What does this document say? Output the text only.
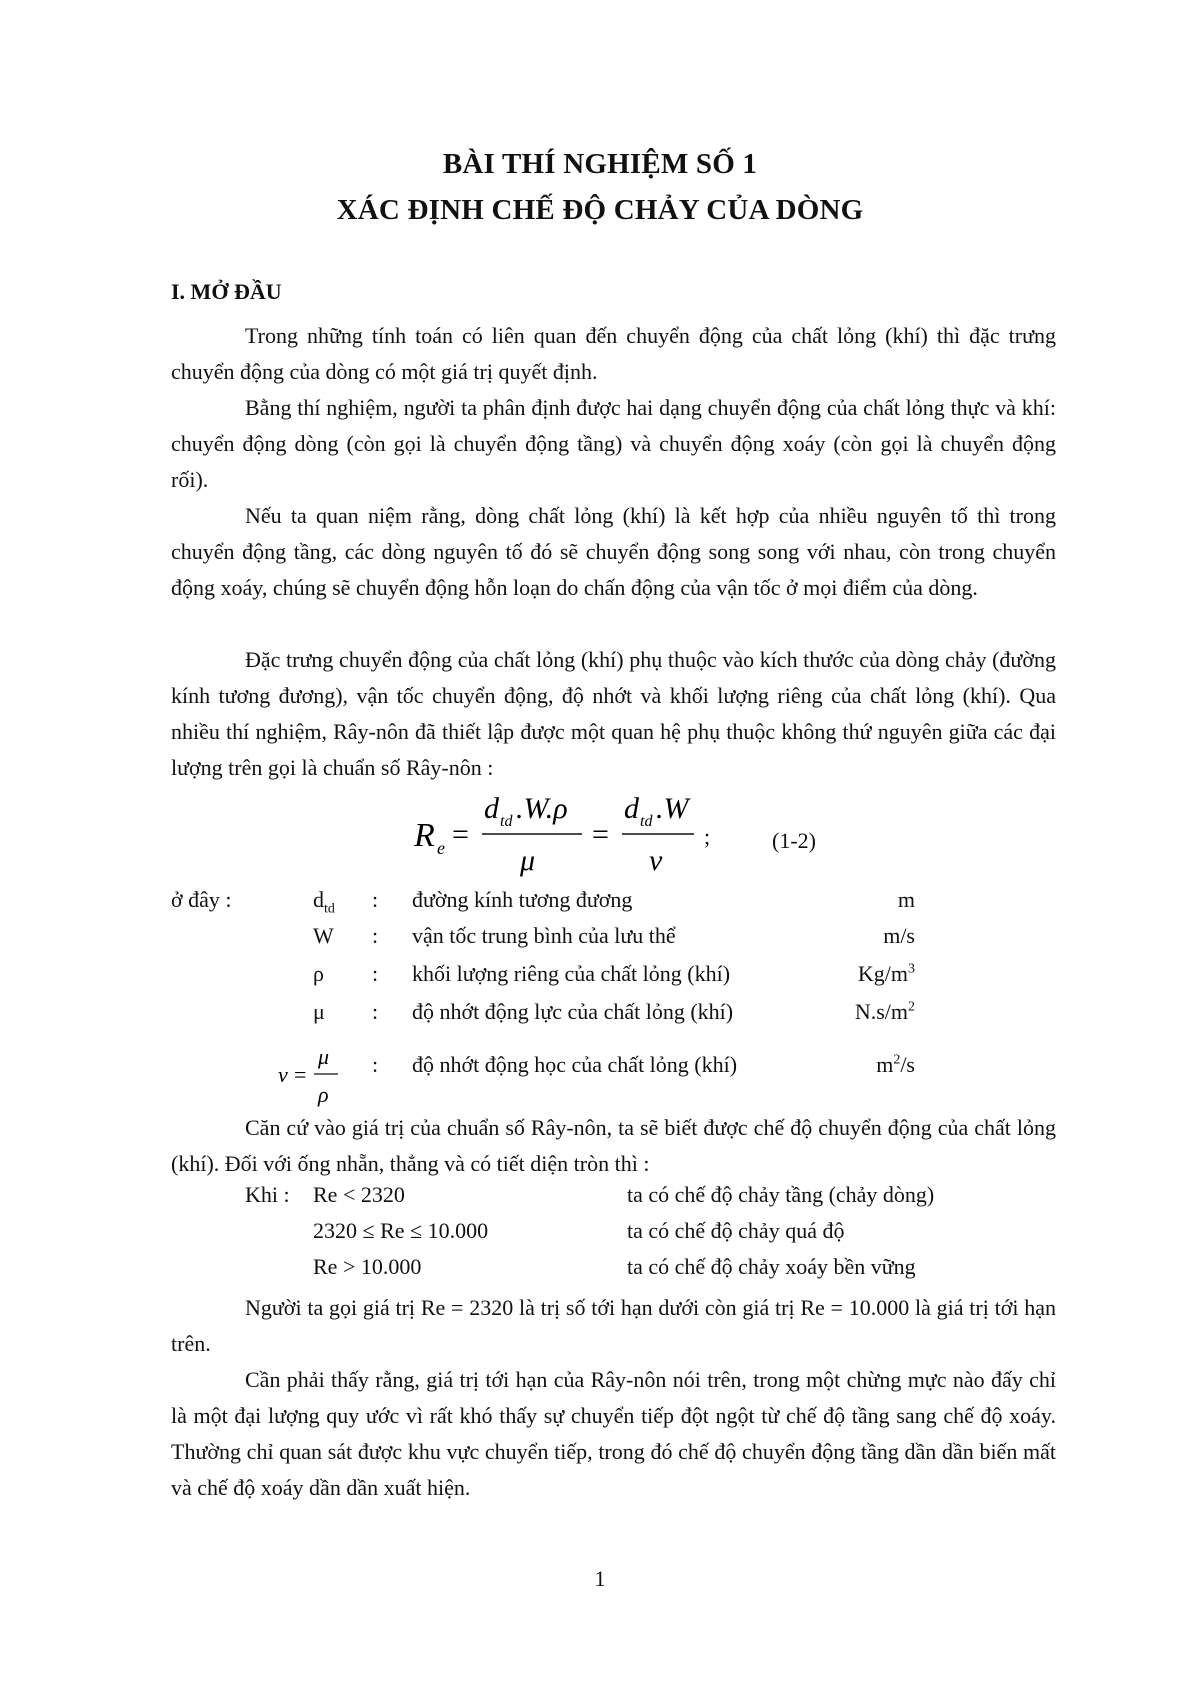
BÀI THÍ NGHIỆM SỐ 1
XÁC ĐỊNH CHẾ ĐỘ CHẢY CỦA DÒNG
I. MỞ ĐẦU
Trong những tính toán có liên quan đến chuyển động của chất lỏng (khí) thì đặc trưng chuyển động của dòng có một giá trị quyết định.
Bằng thí nghiệm, người ta phân định được hai dạng chuyển động của chất lỏng thực và khí: chuyển động dòng (còn gọi là chuyển động tầng) và chuyển động xoáy (còn gọi là chuyển động rối).
Nếu ta quan niệm rằng, dòng chất lỏng (khí) là kết hợp của nhiều nguyên tố thì trong chuyển động tầng, các dòng nguyên tố đó sẽ chuyển động song song với nhau, còn trong chuyển động xoáy, chúng sẽ chuyển động hỗn loạn do chấn động của vận tốc ở mọi điểm của dòng.
Đặc trưng chuyển động của chất lỏng (khí) phụ thuộc vào kích thước của dòng chảy (đường kính tương đương), vận tốc chuyển động, độ nhớt và khối lượng riêng của chất lỏng (khí). Qua nhiều thí nghiệm, Rây-nôn đã thiết lập được một quan hệ phụ thuộc không thứ nguyên giữa các đại lượng trên gọi là chuẩn số Rây-nôn :
R e =
d td .W.ρ
μ
=
d td .W
ν
;	(1-2)
ở đây :	$d_{td}$ : đường kính tương đương	m
W : vận tốc trung bình của lưu thể	m/s
ρ : khối lượng riêng của chất lỏng (khí)	$Kg/m^3$
μ : độ nhớt động lực của chất lỏng (khí)	$N.s/m^2$
ν =
μ
ρ
: độ nhớt động học của chất lỏng (khí)	$m^2/s$
Căn cứ vào giá trị của chuẩn số Rây-nôn, ta sẽ biết được chế độ chuyển động của chất lỏng (khí). Đối với ống nhẵn, thẳng và có tiết diện tròn thì :
Khi : Re < 2320	ta có chế độ chảy tầng (chảy dòng)
2320 ≤ Re ≤ 10.000	ta có chế độ chảy quá độ
Re > 10.000	ta có chế độ chảy xoáy bền vững
Người ta gọi giá trị Re = 2320 là trị số tới hạn dưới còn giá trị Re = 10.000 là giá trị tới hạn trên.
Cần phải thấy rằng, giá trị tới hạn của Rây-nôn nói trên, trong một chừng mực nào đấy chỉ là một đại lượng quy ước vì rất khó thấy sự chuyển tiếp đột ngột từ chế độ tầng sang chế độ xoáy. Thường chỉ quan sát được khu vực chuyển tiếp, trong đó chế độ chuyển động tầng dần dần biến mất và chế độ xoáy dần dần xuất hiện.
1
